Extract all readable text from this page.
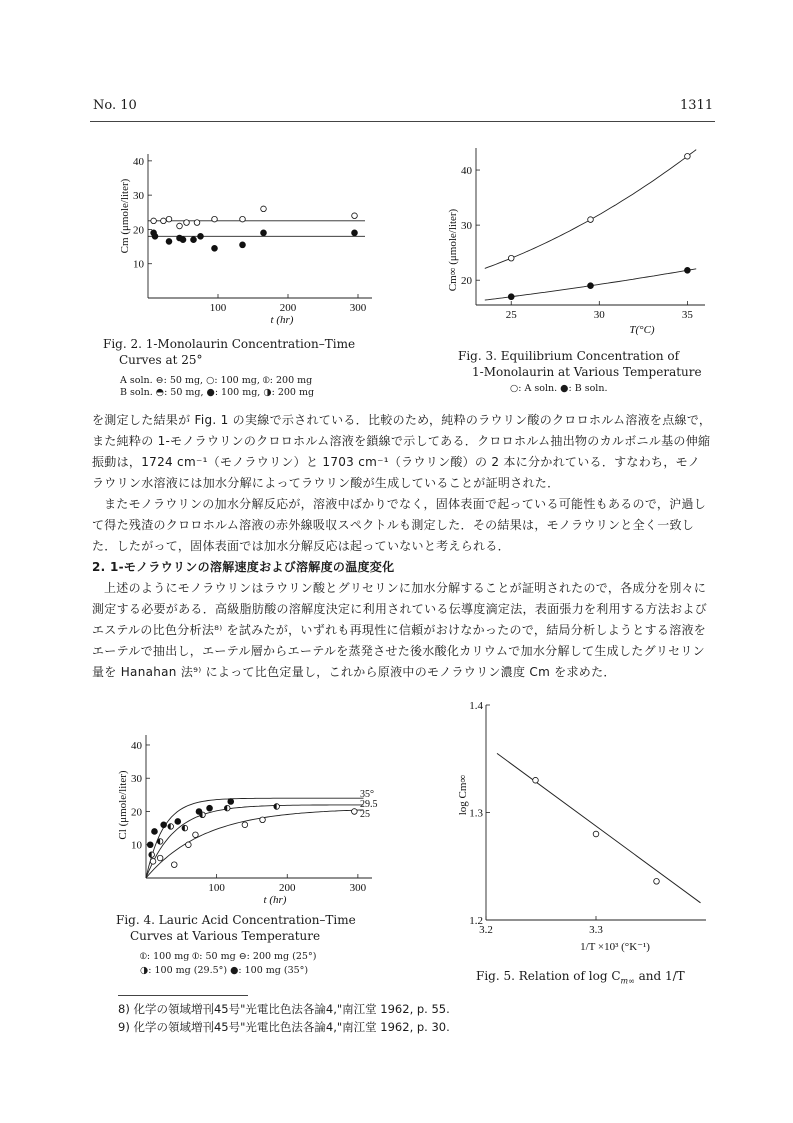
No. 10	1311
100	200	300
10
20
30
40
t (hr)
Cm (μmole/liter)
Fig. 2. 1-Monolaurin Concentration–Time
Curves at 25°
A soln. ⊖: 50 mg, ○: 100 mg, ⦶: 200 mg
B soln. ◓: 50 mg, ●: 100 mg, ◑: 200 mg
25	30	35
20
30
40
T(°C)
Cm∞ (μmole/liter)
Fig. 3. Equilibrium Concentration of
1-Monolaurin at Various Temperature
○: A soln. ●: B soln.

を測定した結果が Fig. 1 の実線で示されている．比較のため，純粋のラウリン酸のクロロホルム溶液を点線で，また純粋の 1-モノラウリンのクロロホルム溶液を鎖線で示してある．クロロホルム抽出物のカルボニル基の伸縮振動は，1724 cm⁻¹（モノラウリン）と 1703 cm⁻¹（ラウリン酸）の 2 本に分かれている．すなわち，モノラウリン水溶液には加水分解によってラウリン酸が生成していることが証明された．

またモノラウリンの加水分解反応が，溶液中ばかりでなく，固体表面で起っている可能性もあるので，沪過して得た残渣のクロロホルム溶液の赤外線吸収スペクトルも測定した．その結果は，モノラウリンと全く一致した．したがって，固体表面では加水分解反応は起っていないと考えられる．

2. 1-モノラウリンの溶解速度および溶解度の温度変化

上述のようにモノラウリンはラウリン酸とグリセリンに加水分解することが証明されたので，各成分を別々に測定する必要がある．高級脂肪酸の溶解度決定に利用されている伝導度滴定法，表面張力を利用する方法およびエステルの比色分析法⁸⁾ を試みたが，いずれも再現性に信頼がおけなかったので，結局分析しようとする溶液をエーテルで抽出し，エーテル層からエーテルを蒸発させた後水酸化カリウムで加水分解して生成したグリセリン量を Hanahan 法⁹⁾ によって比色定量し，これから原液中のモノラウリン濃度 Cm を求めた．

100	200	300
10
20
30
40
t (hr)
Cl (μmole/liter)	35°
29.5
25
Fig. 4. Lauric Acid Concentration–Time
Curves at Various Temperature
⦶: 100 mg ⦶: 50 mg ⊖: 200 mg (25°)
◑: 100 mg (29.5°) ●: 100 mg (35°)
3.2	3.3
1.2
1.3
1.4
1/T ×10³ (°K⁻¹)
log Cm∞
Fig. 5. Relation of $\log C_{m\infty}$ and 1/T
8) 化学の領域増刊45号"光電比色法各論4,"南江堂 1962, p. 55.
9) 化学の領域増刊45号"光電比色法各論4,"南江堂 1962, p. 30.
